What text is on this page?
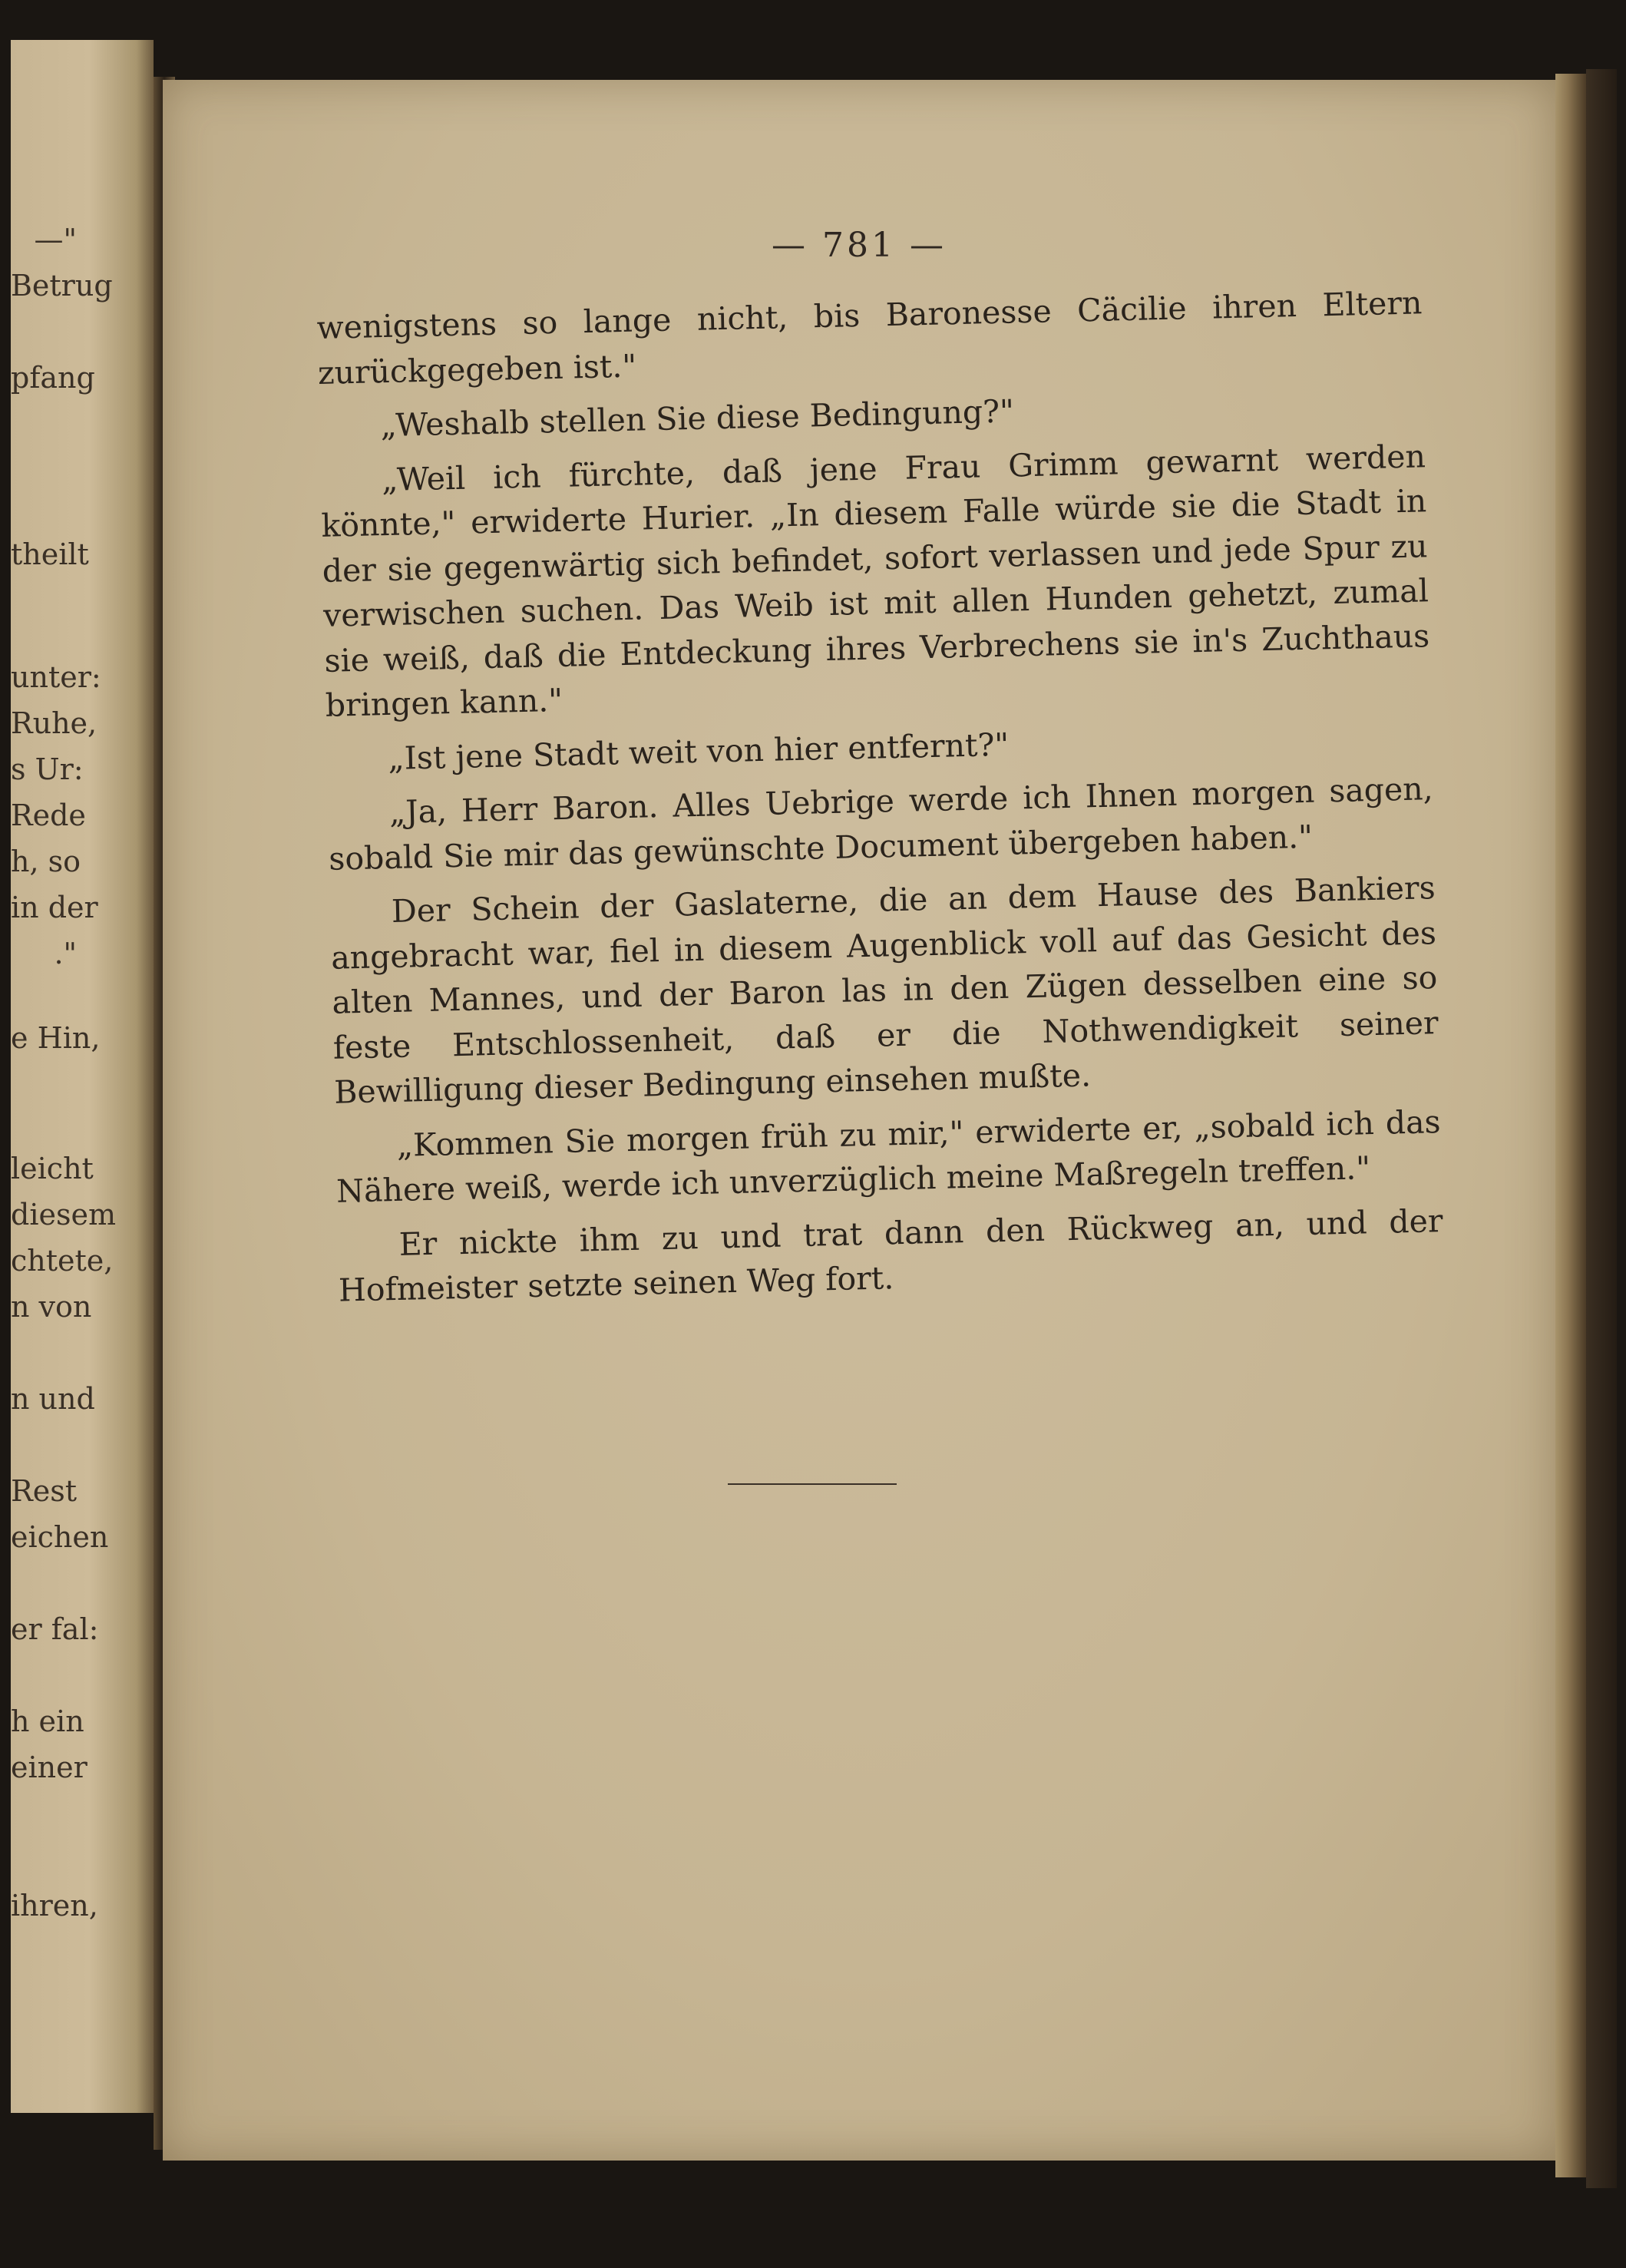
—"
Betrug
pfang
theilt
unter:
Ruhe,
s Ur:
Rede
h, so
in der
."
e Hin,
leicht
diesem
chtete,
n von
n und
Rest
eichen
er fal:
h ein
einer
ihren,
— 781 —

wenigstens so lange nicht, bis Baronesse Cäcilie ihren Eltern zurückgegeben ist."

„Weshalb stellen Sie diese Bedingung?"

„Weil ich fürchte, daß jene Frau Grimm gewarnt werden könnte," erwiderte Hurier. „In diesem Falle würde sie die Stadt in der sie gegenwärtig sich befindet, sofort verlassen und jede Spur zu verwischen suchen. Das Weib ist mit allen Hunden gehetzt, zumal sie weiß, daß die Entdeckung ihres Verbrechens sie in's Zuchthaus bringen kann."

„Ist jene Stadt weit von hier entfernt?"

„Ja, Herr Baron. Alles Uebrige werde ich Ihnen morgen sagen, sobald Sie mir das gewünschte Document übergeben haben."

Der Schein der Gaslaterne, die an dem Hause des Bankiers angebracht war, fiel in diesem Augenblick voll auf das Gesicht des alten Mannes, und der Baron las in den Zügen desselben eine so feste Entschlossenheit, daß er die Nothwendigkeit seiner Bewilligung dieser Bedingung einsehen mußte.

„Kommen Sie morgen früh zu mir," erwiderte er, „sobald ich das Nähere weiß, werde ich unverzüglich meine Maßregeln treffen."

Er nickte ihm zu und trat dann den Rückweg an, und der Hofmeister setzte seinen Weg fort.
